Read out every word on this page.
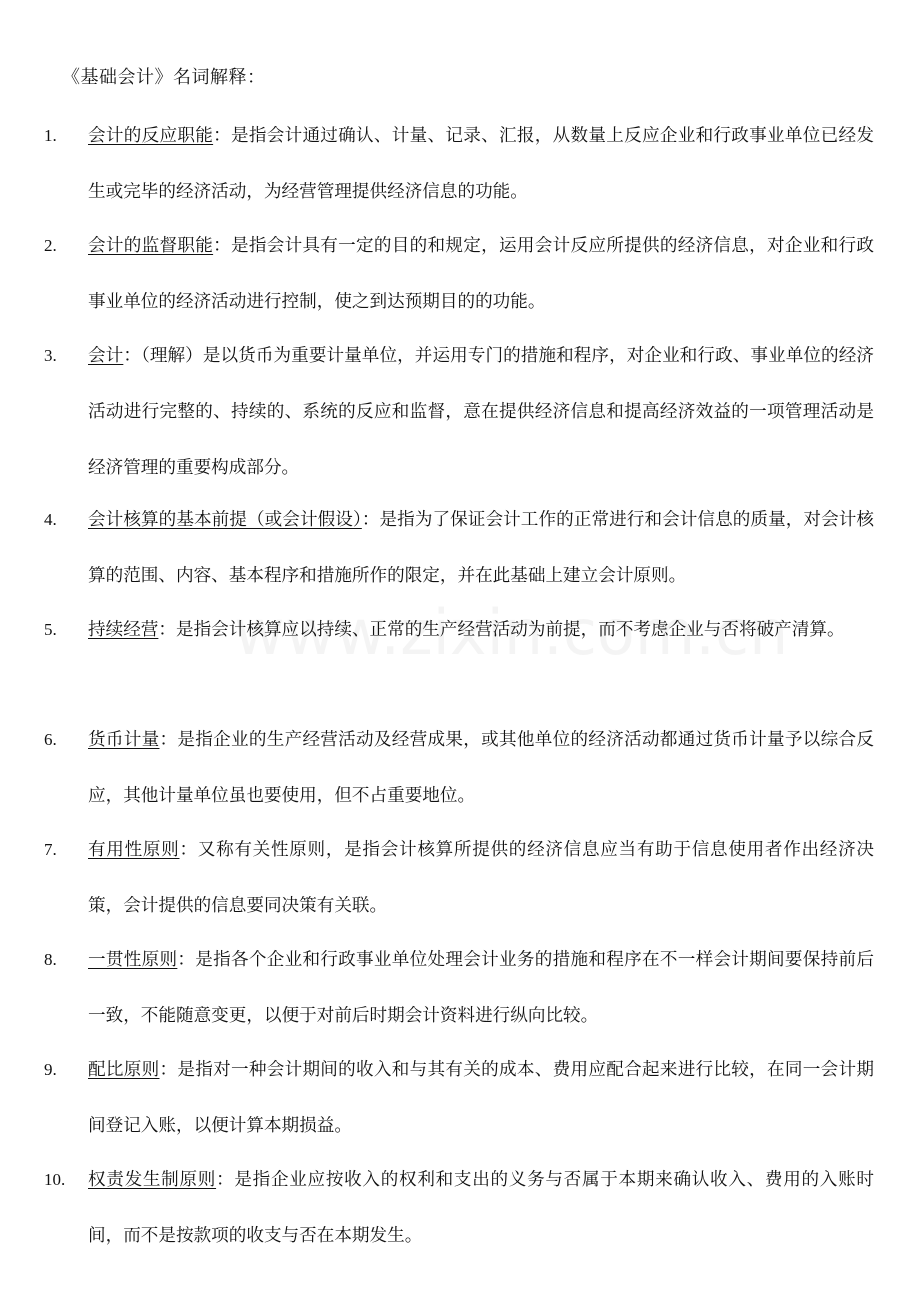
《基础会计》名词解释：
1.	会计的反应职能：是指会计通过确认、计量、记录、汇报，从数量上反应企业和行政事业单位已经发生或完毕的经济活动，为经营管理提供经济信息的功能。
2.	会计的监督职能：是指会计具有一定的目的和规定，运用会计反应所提供的经济信息，对企业和行政事业单位的经济活动进行控制，使之到达预期目的的功能。
3.	会计：（理解）是以货币为重要计量单位，并运用专门的措施和程序，对企业和行政、事业单位的经济活动进行完整的、持续的、系统的反应和监督，意在提供经济信息和提高经济效益的一项管理活动是经济管理的重要构成部分。
4.	会计核算的基本前提（或会计假设）：是指为了保证会计工作的正常进行和会计信息的质量，对会计核算的范围、内容、基本程序和措施所作的限定，并在此基础上建立会计原则。
5.	持续经营：是指会计核算应以持续、正常的生产经营活动为前提，而不考虑企业与否将破产清算。
6.	货币计量：是指企业的生产经营活动及经营成果，或其他单位的经济活动都通过货币计量予以综合反应，其他计量单位虽也要使用，但不占重要地位。
7.	有用性原则：又称有关性原则，是指会计核算所提供的经济信息应当有助于信息使用者作出经济决策，会计提供的信息要同决策有关联。
8.	一贯性原则：是指各个企业和行政事业单位处理会计业务的措施和程序在不一样会计期间要保持前后一致，不能随意变更，以便于对前后时期会计资料进行纵向比较。
9.	配比原则：是指对一种会计期间的收入和与其有关的成本、费用应配合起来进行比较，在同一会计期间登记入账，以便计算本期损益。
10.	权责发生制原则：是指企业应按收入的权利和支出的义务与否属于本期来确认收入、费用的入账时间，而不是按款项的收支与否在本期发生。
